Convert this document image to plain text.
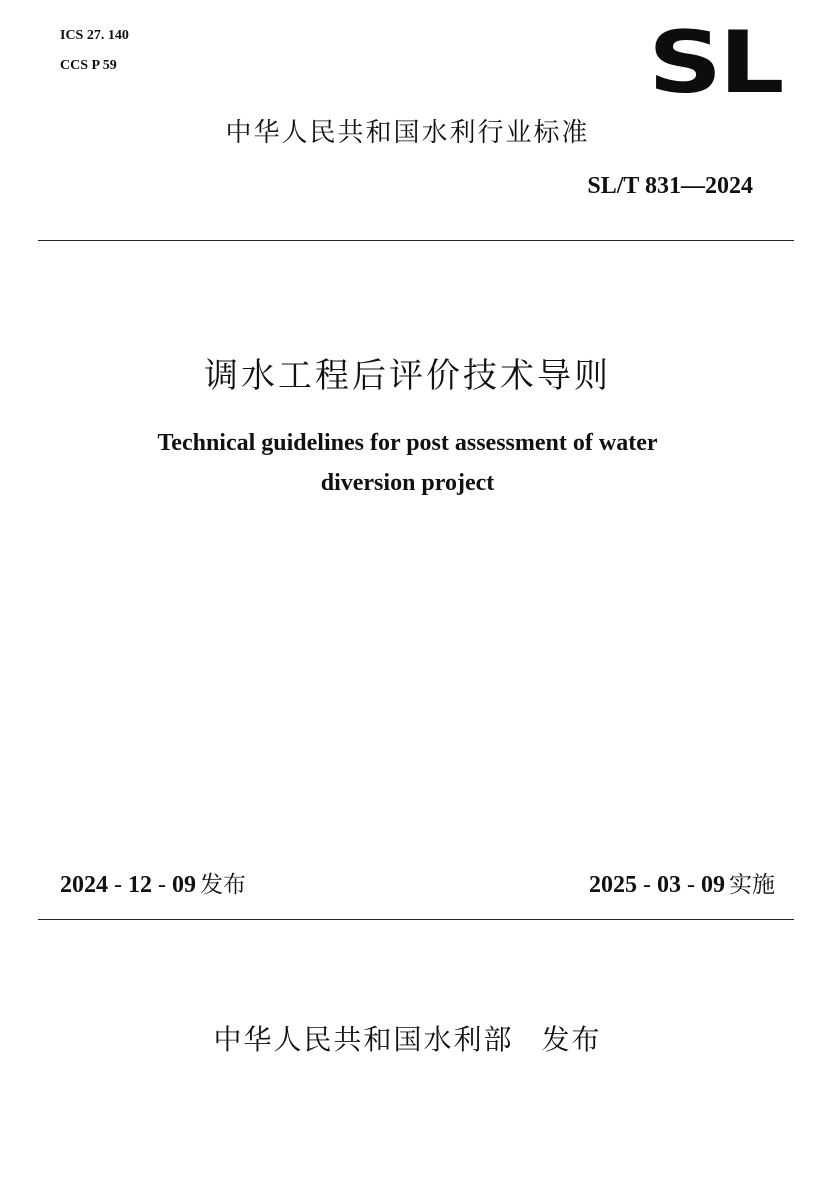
ICS 27. 140
CCS P 59	SL
中华人民共和国水利行业标准
SL/T 831—2024
调水工程后评价技术导则
Technical guidelines for post assessment of water
diversion project
2024 - 12 - 09 发布	2025 - 03 - 09 实施
中华人民共和国水利部 发布
